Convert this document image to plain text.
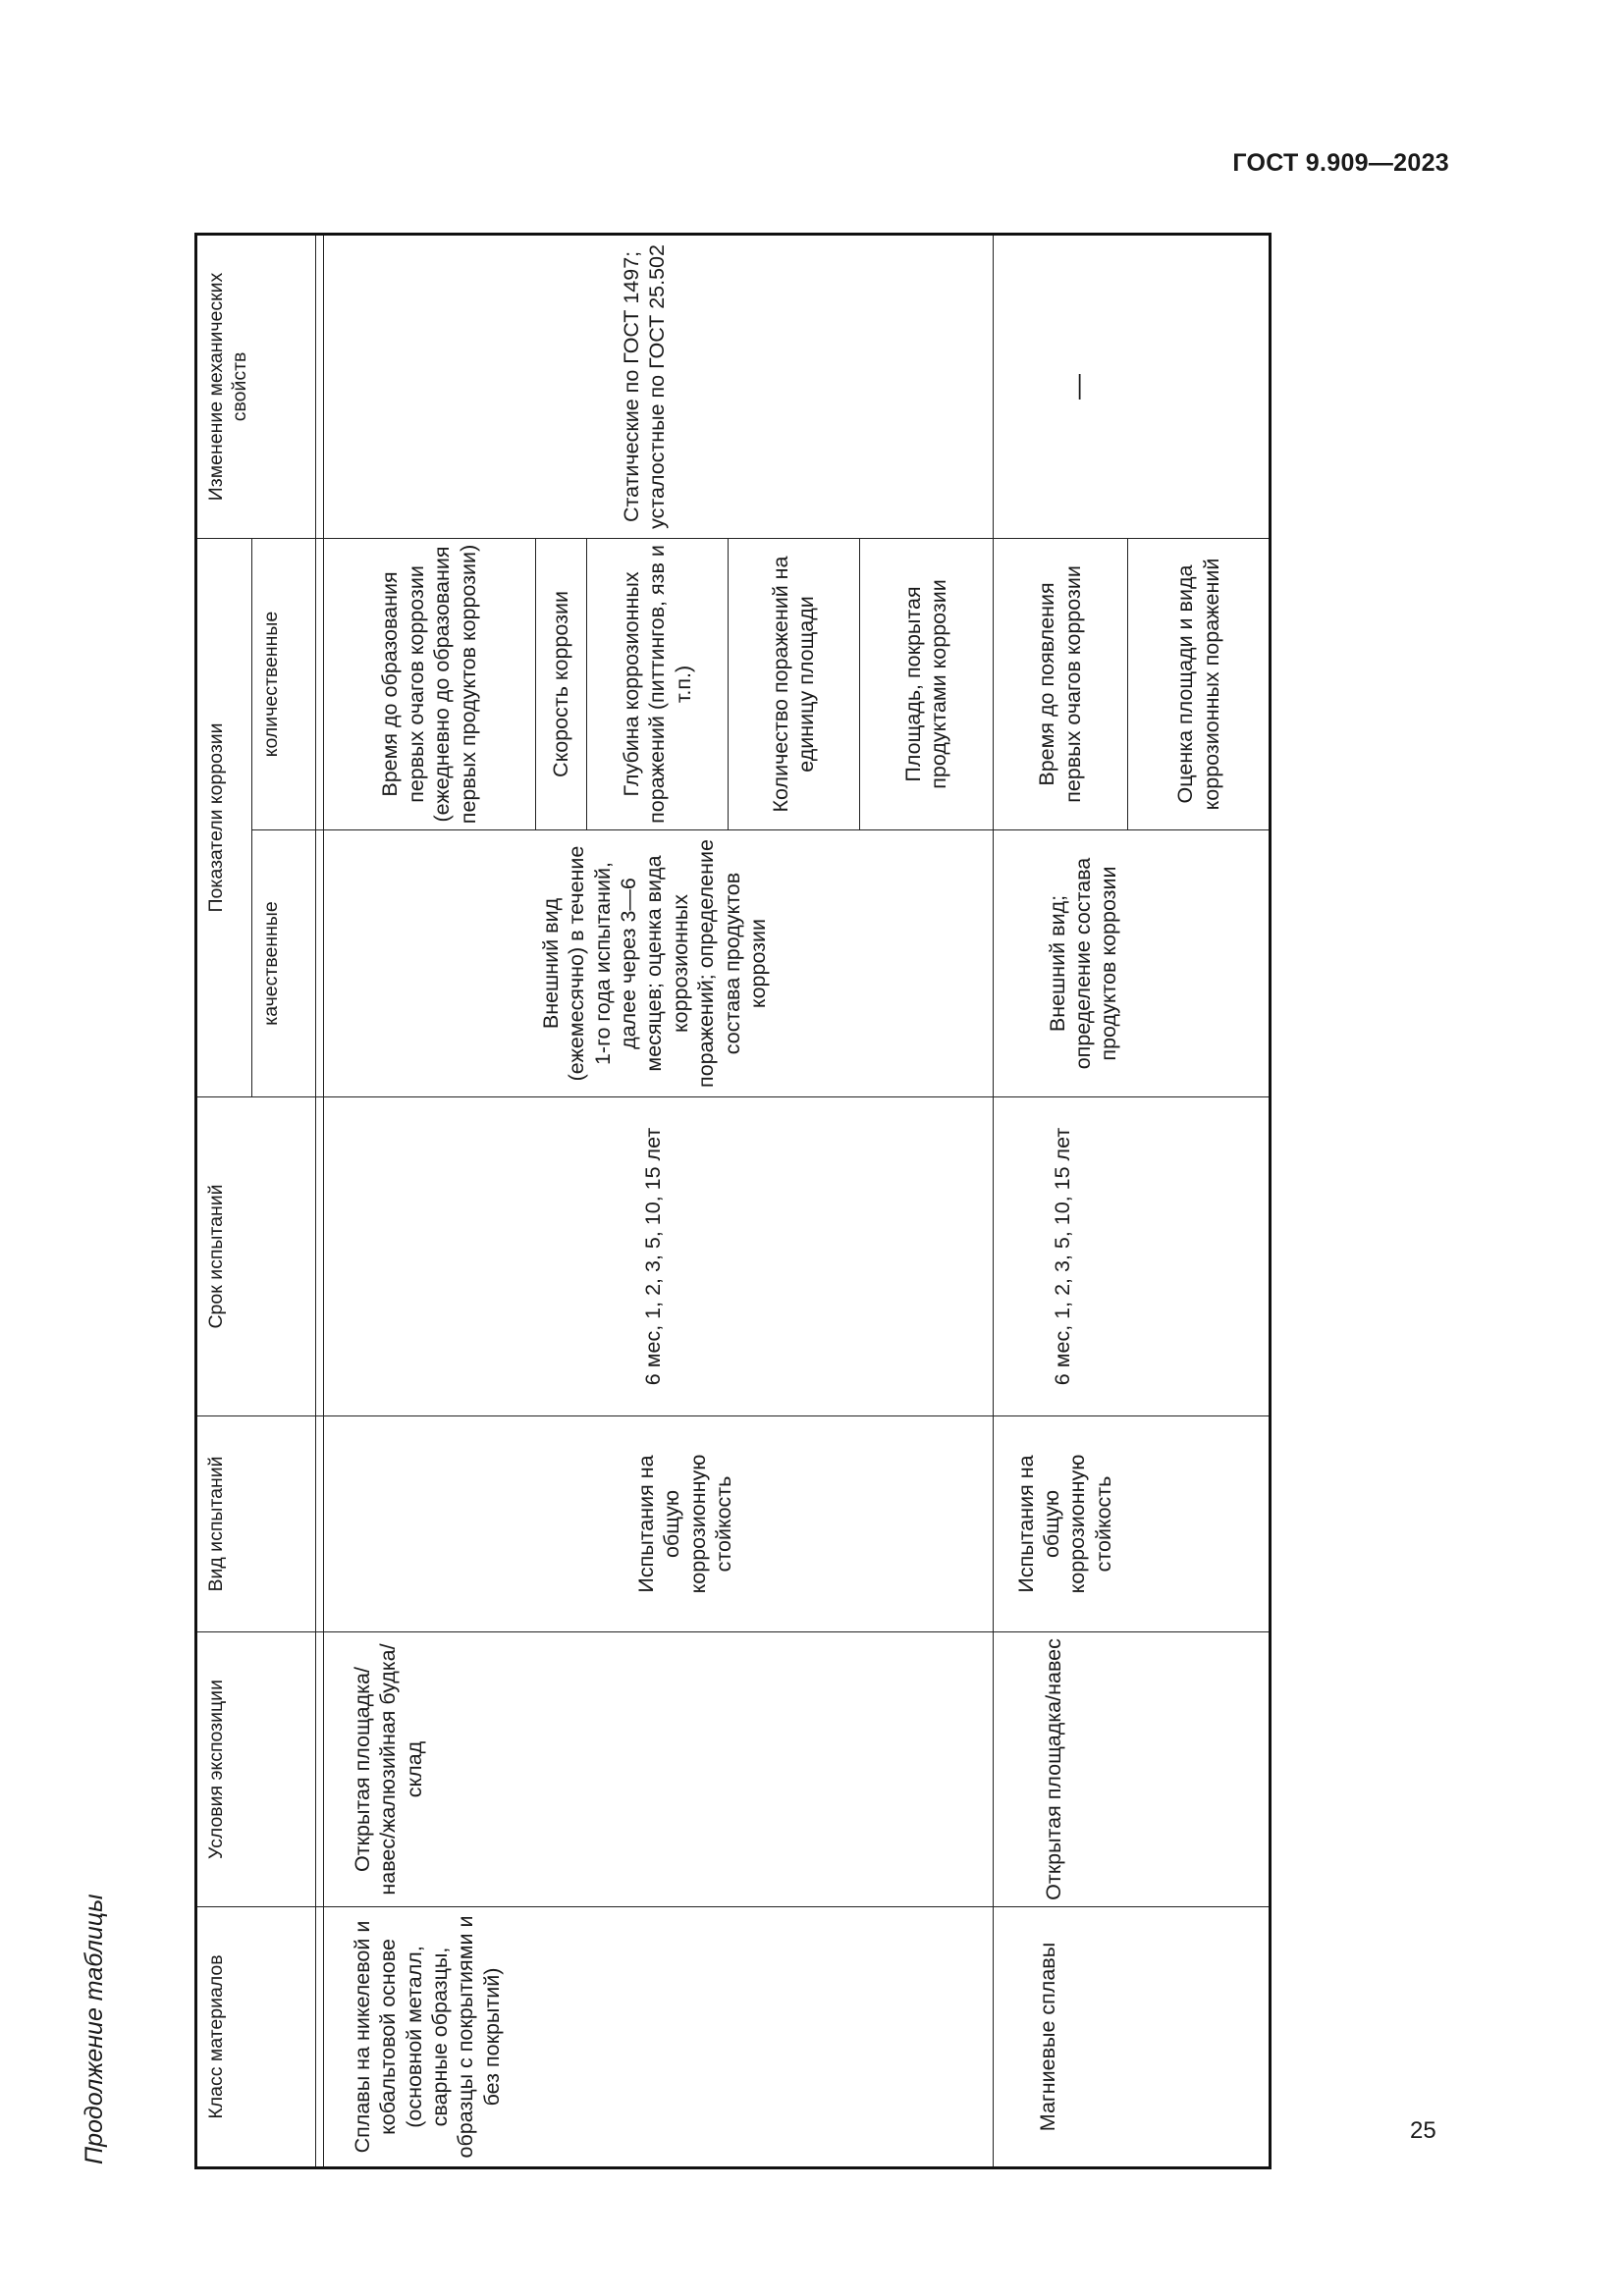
ГОСТ 9.909—2023
Продолжение таблицы	Класс материалов	Условия экспозиции	Вид испытаний	Срок испытаний	Показатели коррозии		Изменение механических свойств
				качественные	количественные	

Сплавы на никелевой и кобальтовой основе (основной металл, сварные образцы, образцы с покрытиями и без покрытий)	Открытая площадка/навес/жалюзийная будка/склад	Испытания на общую коррозионную стойкость	6 мес, 1, 2, 3, 5, 10, 15 лет	Внешний вид (ежемесячно) в течение 1-го года испытаний, далее через 3—6 месяцев; оценка вида коррозионных поражений; определение состава продуктов коррозии	Время до образования первых очагов коррозии (ежедневно до образования первых продуктов коррозии)	Статические по ГОСТ 1497; усталостные по ГОСТ 25.502
					Скорость коррозии	
					Глубина коррозионных поражений (питтингов, язв и т.п.)	
					Количество поражений на единицу площади	
					Площадь, покрытая продуктами коррозии	
Магниевые сплавы	Открытая площадка/навес	Испытания на общую коррозионную стойкость	6 мес, 1, 2, 3, 5, 10, 15 лет	Внешний вид; определение состава продуктов коррозии	Время до появления первых очагов коррозии	—
					Оценка площади и вида коррозионных поражений	
25
